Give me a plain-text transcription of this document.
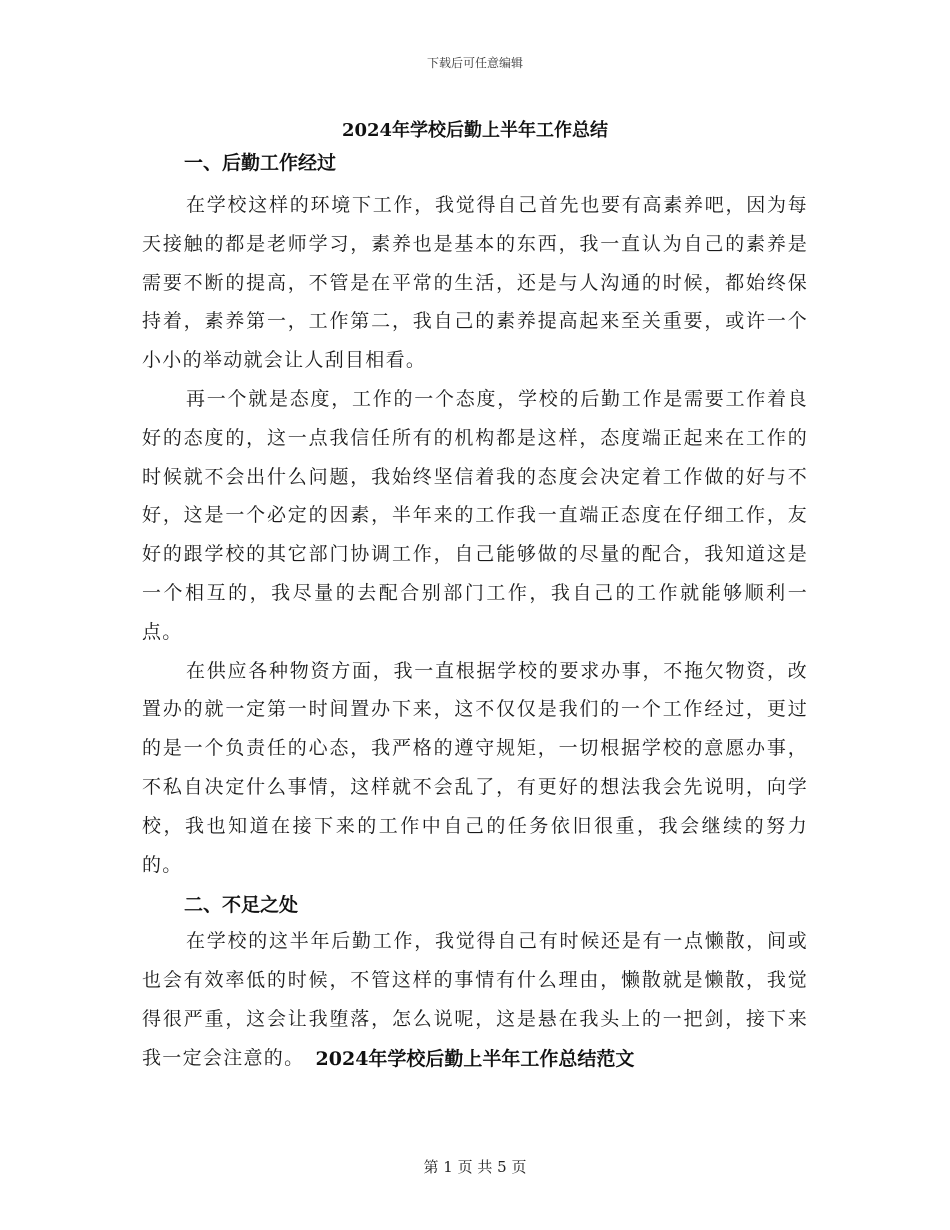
下载后可任意编辑
2024年学校后勤上半年工作总结

一、后勤工作经过

在学校这样的环境下工作，我觉得自己首先也要有高素养吧，因为每天接触的都是老师学习，素养也是基本的东西，我一直认为自己的素养是需要不断的提高，不管是在平常的生活，还是与人沟通的时候，都始终保持着，素养第一，工作第二，我自己的素养提高起来至关重要，或许一个小小的举动就会让人刮目相看。

再一个就是态度，工作的一个态度，学校的后勤工作是需要工作着良好的态度的，这一点我信任所有的机构都是这样，态度端正起来在工作的时候就不会出什么问题，我始终坚信着我的态度会决定着工作做的好与不好，这是一个必定的因素，半年来的工作我一直端正态度在仔细工作，友好的跟学校的其它部门协调工作，自己能够做的尽量的配合，我知道这是一个相互的，我尽量的去配合别部门工作，我自己的工作就能够顺利一点。

在供应各种物资方面，我一直根据学校的要求办事，不拖欠物资，改置办的就一定第一时间置办下来，这不仅仅是我们的一个工作经过，更过的是一个负责任的心态，我严格的遵守规矩，一切根据学校的意愿办事，不私自决定什么事情，这样就不会乱了，有更好的想法我会先说明，向学校，我也知道在接下来的工作中自己的任务依旧很重，我会继续的努力的。

二、不足之处

在学校的这半年后勤工作，我觉得自己有时候还是有一点懒散，间或也会有效率低的时候，不管这样的事情有什么理由，懒散就是懒散，我觉得很严重，这会让我堕落，怎么说呢，这是悬在我头上的一把剑，接下来我一定会注意的。 2024年学校后勤上半年工作总结范文
第 1 页 共 5 页
